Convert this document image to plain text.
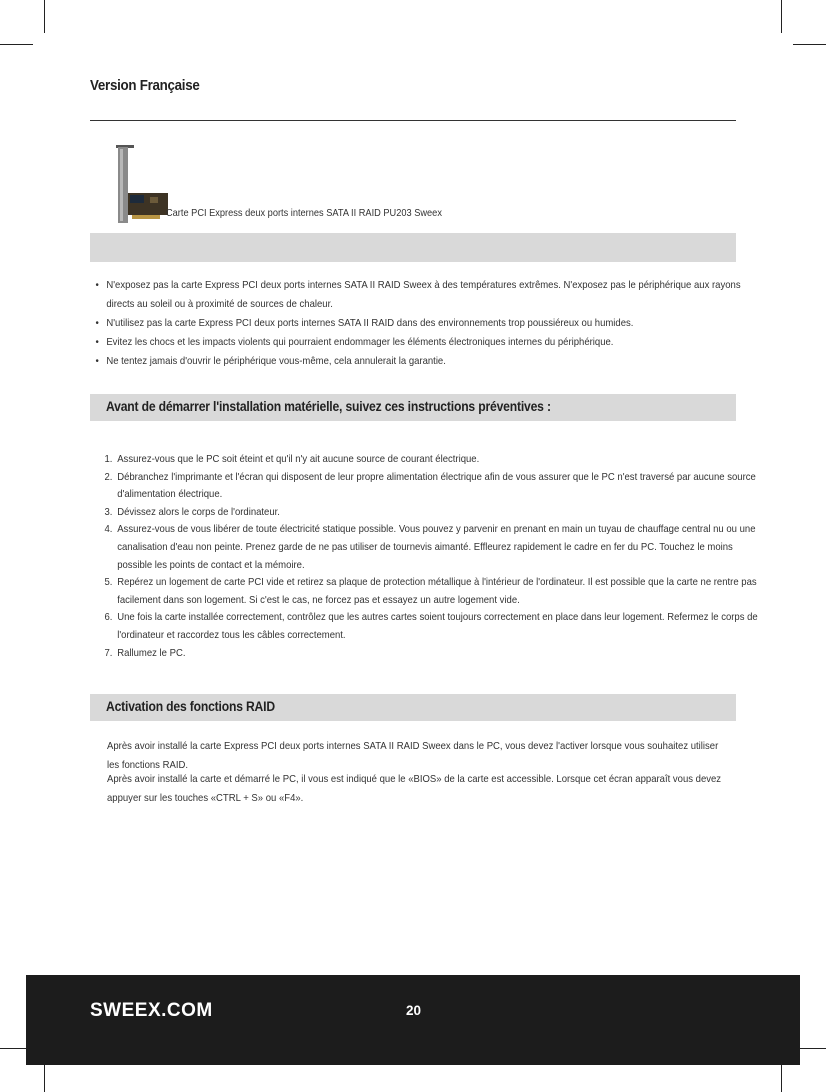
Version Française
Carte PCI Express deux ports internes SATA II RAID PU203 Sweex
• N'exposez pas la carte Express PCI deux ports internes SATA II RAID Sweex à des températures extrêmes. N'exposez pas le périphérique aux rayons directs au soleil ou à proximité de sources de chaleur.
• N'utilisez pas la carte Express PCI deux ports internes SATA II RAID dans des environnements trop poussiéreux ou humides.
• Evitez les chocs et les impacts violents qui pourraient endommager les éléments électroniques internes du périphérique.
• Ne tentez jamais d'ouvrir le périphérique vous-même, cela annulerait la garantie.
Avant de démarrer l'installation matérielle, suivez ces instructions préventives :
1. Assurez-vous que le PC soit éteint et qu'il n'y ait aucune source de courant électrique.
2. Débranchez l'imprimante et l'écran qui disposent de leur propre alimentation électrique afin de vous assurer que le PC n'est traversé par aucune source d'alimentation électrique.
3. Dévissez alors le corps de l'ordinateur.
4. Assurez-vous de vous libérer de toute électricité statique possible. Vous pouvez y parvenir en prenant en main un tuyau de chauffage central nu ou une canalisation d'eau non peinte. Prenez garde de ne pas utiliser de tournevis aimanté. Effleurez rapidement le cadre en fer du PC. Touchez le moins possible les points de contact et la mémoire.
5. Repérez un logement de carte PCI vide et retirez sa plaque de protection métallique à l'intérieur de l'ordinateur. Il est possible que la carte ne rentre pas facilement dans son logement. Si c'est le cas, ne forcez pas et essayez un autre logement vide.
6. Une fois la carte installée correctement, contrôlez que les autres cartes soient toujours correctement en place dans leur logement. Refermez le corps de l'ordinateur et raccordez tous les câbles correctement.
7. Rallumez le PC.
Activation des fonctions RAID

Après avoir installé la carte Express PCI deux ports internes SATA II RAID Sweex dans le PC, vous devez l'activer lorsque vous souhaitez utiliser les fonctions RAID.

Après avoir installé la carte et démarré le PC, il vous est indiqué que le «BIOS» de la carte est accessible. Lorsque cet écran apparaît vous devez appuyer sur les touches «CTRL + S» ou «F4».

SWEEX.COM	20
